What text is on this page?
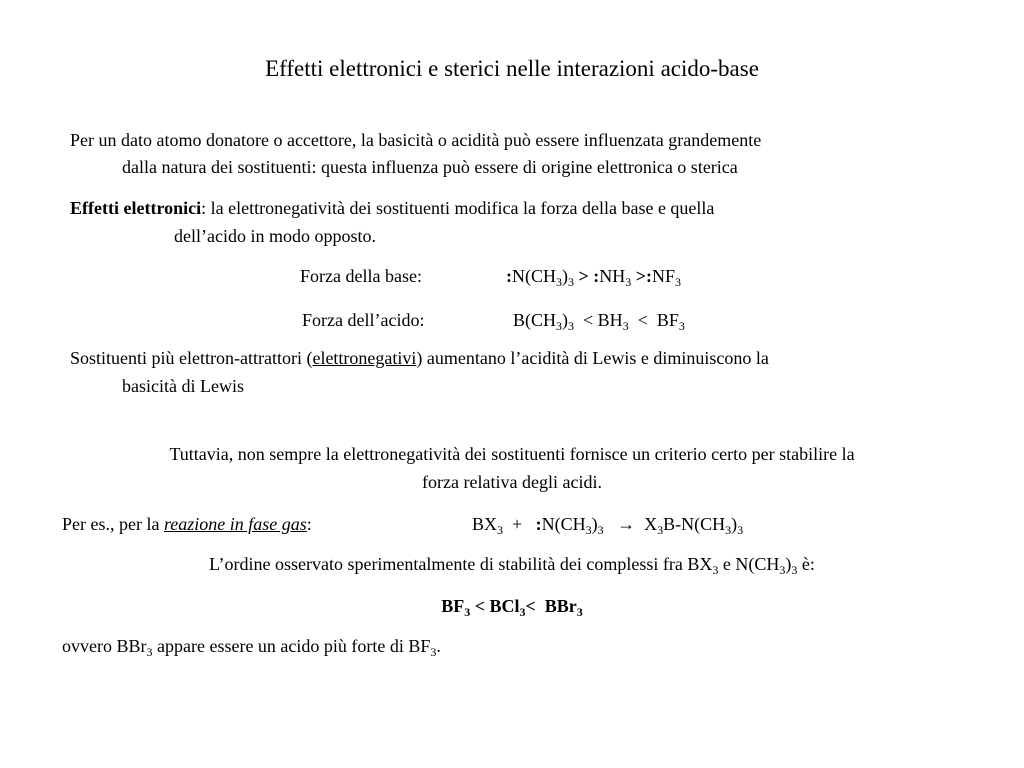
Effetti elettronici e sterici nelle interazioni acido-base
Per un dato atomo donatore o accettore, la basicità o acidità può essere influenzata grandemente
dalla natura dei sostituenti: questa influenza può essere di origine elettronica o sterica
Effetti elettronici: la elettronegatività dei sostituenti modifica la forza della base e quella
dell’acido in modo opposto.
Forza della base:	$:N(CH_3)_3$ > $:NH_3$ $>:NF_3$
Forza dell’acido:	$B(CH_3)_3 < BH_3 < BF_3$
Sostituenti più elettron-attrattori (elettronegativi) aumentano l’acidità di Lewis e diminuiscono la
basicità di Lewis
Tuttavia, non sempre la elettronegatività dei sostituenti fornisce un criterio certo per stabilire la
forza relativa degli acidi.
Per es., per la reazione in fase gas:	$BX_3$ + $:N(CH_3)_3 \to X_3B-N(CH_3)_3$
L’ordine osservato sperimentalmente di stabilità dei complessi fra $BX_3$ e $N(CH_3)_3$ è:
$BF_3 < BCl_3< BBr_3$
ovvero BBr$_3$ appare essere un acido più forte di $BF_3$.
